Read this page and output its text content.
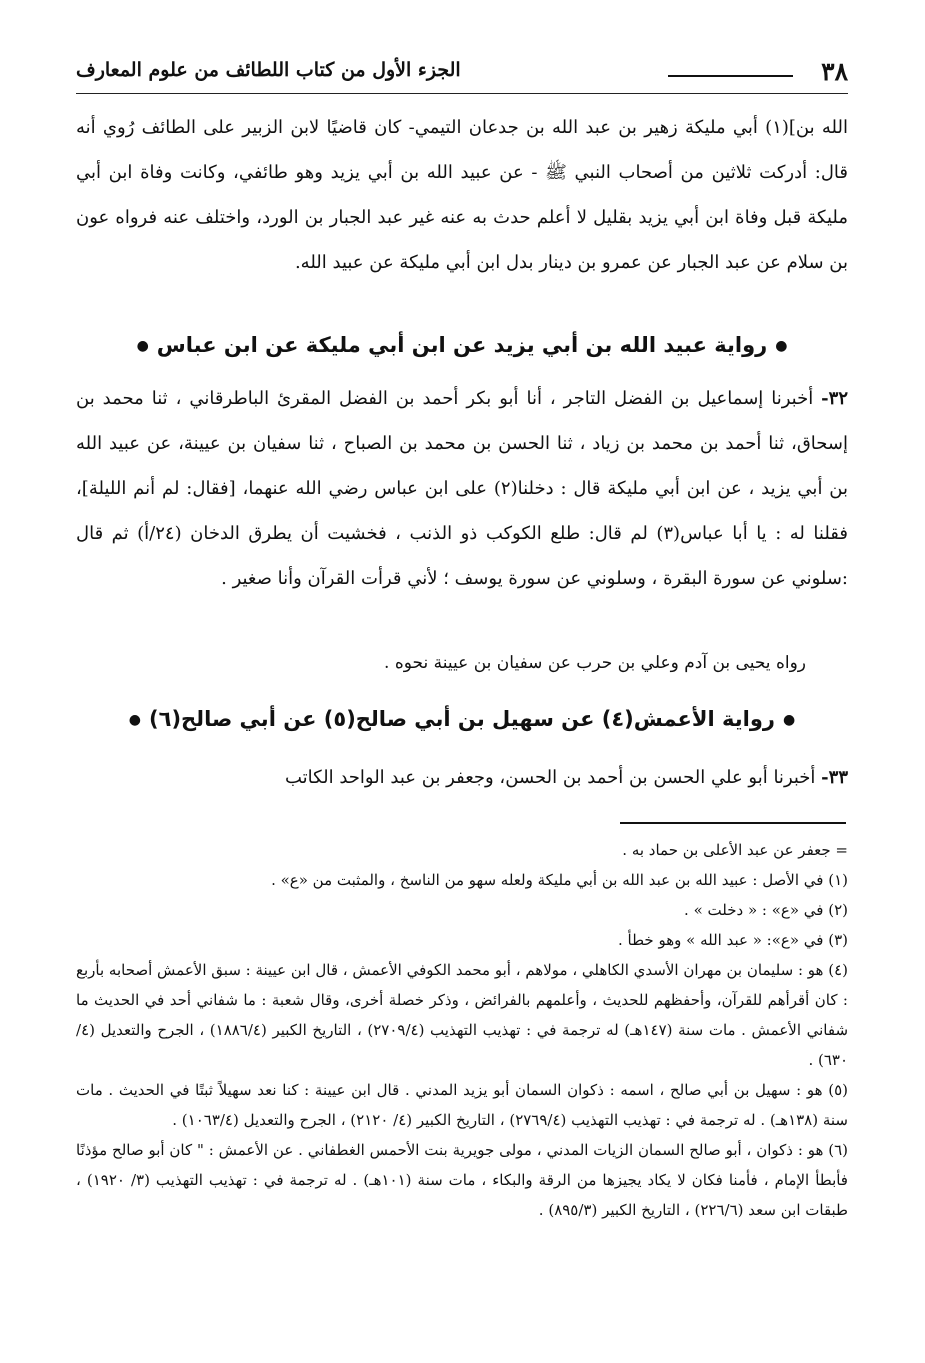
٣٨
الجزء الأول من كتاب اللطائف من علوم المعارف
الله بن](١) أبي مليكة زهير بن عبد الله بن جدعان التيمي- كان قاضيًا لابن الزبير على الطائف رُوي أنه قال: أدركت ثلاثين من أصحاب النبي ﷺ - عن عبيد الله بن أبي يزيد وهو طائفي، وكانت وفاة ابن أبي مليكة قبل وفاة ابن أبي يزيد بقليل لا أعلم حدث به عنه غير عبد الجبار بن الورد، واختلف عنه فرواه عون بن سلام عن عبد الجبار عن عمرو بن دينار بدل ابن أبي مليكة عن عبيد الله.
●رواية عبيد الله بن أبي يزيد عن ابن أبي مليكة عن ابن عباس●
٣٢- أخبرنا إسماعيل بن الفضل التاجر ، أنا أبو بكر أحمد بن الفضل المقرئ الباطرقاني ، ثنا محمد بن إسحاق، ثنا أحمد بن محمد بن زياد ، ثنا الحسن بن محمد بن الصباح ، ثنا سفيان بن عيينة، عن عبيد الله بن أبي يزيد ، عن ابن أبي مليكة قال : دخلنا(٢) على ابن عباس رضي الله عنهما، [فقال: لم أنم الليلة]، فقلنا له : يا أبا عباس(٣) لم قال: طلع الكوكب ذو الذنب ، فخشيت أن يطرق الدخان (٢٤/أ) ثم قال :سلوني عن سورة البقرة ، وسلوني عن سورة يوسف ؛ لأني قرأت القرآن وأنا صغير .
رواه يحيى بن آدم وعلي بن حرب عن سفيان بن عيينة نحوه .
●رواية الأعمش(٤) عن سهيل بن أبي صالح(٥) عن أبي صالح(٦)●
٣٣- أخبرنا أبو علي الحسن بن أحمد بن الحسن، وجعفر بن عبد الواحد الكاتب

= جعفر عن عبد الأعلى بن حماد به .

(١) في الأصل : عبيد الله بن عبد الله بن أبي مليكة ولعله سهو من الناسخ ، والمثبت من «ع» .

(٢) في «ع» : « دخلت » .

(٣) في «ع»: « عبد الله » وهو خطأ .

(٤) هو : سليمان بن مهران الأسدي الكاهلي ، مولاهم ، أبو محمد الكوفي الأعمش ، قال ابن عيينة : سبق الأعمش أصحابه بأربع : كان أقرأهم للقرآن، وأحفظهم للحديث ، وأعلمهم بالفرائض ، وذكر خصلة أخرى، وقال شعبة : ما شفاني أحد في الحديث ما شفاني الأعمش . مات سنة (١٤٧هـ) له ترجمة في : تهذيب التهذيب (٢٧٠٩/٤) ، التاريخ الكبير (١٨٨٦/٤) ، الجرح والتعديل (٤/ ٦٣٠) .

(٥) هو : سهيل بن أبي صالح ، اسمه : ذكوان السمان أبو يزيد المدني . قال ابن عيينة : كنا نعد سهيلاً ثبتًا في الحديث . مات سنة (١٣٨هـ) . له ترجمة في : تهذيب التهذيب (٢٧٦٩/٤) ، التاريخ الكبير (٤/ ٢١٢٠) ، الجرح والتعديل (١٠٦٣/٤) .

(٦) هو : ذكوان ، أبو صالح السمان الزيات المدني ، مولى جويرية بنت الأحمس الغطفاني . عن الأعمش : " كان أبو صالح مؤذنًا فأبطأ الإمام ، فأمنا فكان لا يكاد يجيزها من الرقة والبكاء ، مات سنة (١٠١هـ) . له ترجمة في : تهذيب التهذيب (٣/ ١٩٢٠) ، طبقات ابن سعد (٢٢٦/٦) ، التاريخ الكبير (٨٩٥/٣) .
